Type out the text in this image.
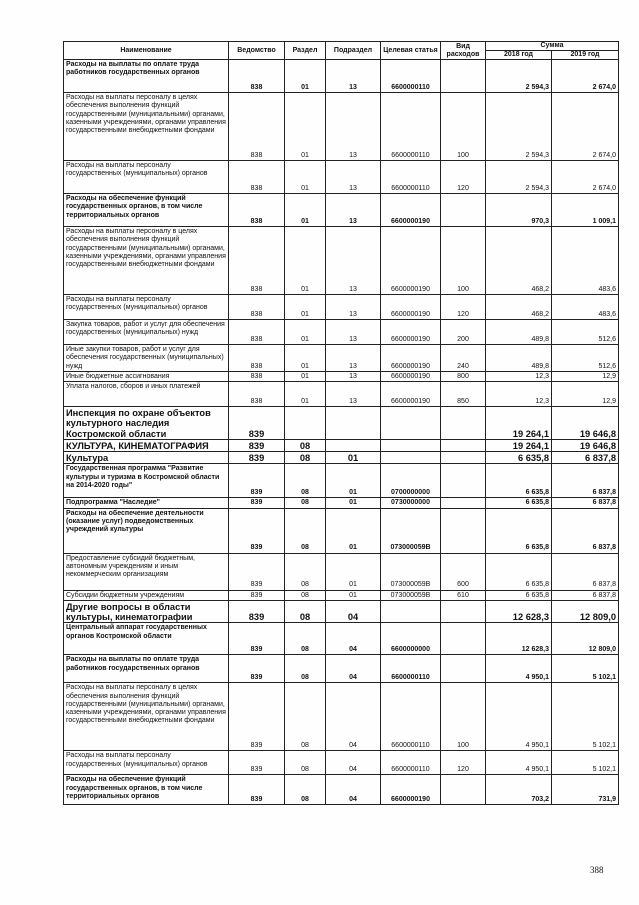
Наименование	Ведомство	Раздел	Подраздел	Целевая статья	Вид расходов	Сумма	
						2018 год	2019 год
Расходы на выплаты по оплате труда работников государственных органов	838	01	13	6600000110		2 594,3	2 674,0
Расходы на выплаты персоналу в целях обеспечения выполнения функций государственными (муниципальными) органами, казенными учреждениями, органами управления государственными внебюджетными фондами	838	01	13	6600000110	100	2 594,3	2 674,0
Расходы на выплаты персоналу государственных (муниципальных) органов	838	01	13	6600000110	120	2 594,3	2 674,0
Расходы на обеспечение функций государственных органов, в том числе территориальных органов	838	01	13	6600000190		970,3	1 009,1
Расходы на выплаты персоналу в целях обеспечения выполнения функций государственными (муниципальными) органами, казенными учреждениями, органами управления государственными внебюджетными фондами	838	01	13	6600000190	100	468,2	483,6
Расходы на выплаты персоналу государственных (муниципальных) органов	838	01	13	6600000190	120	468,2	483,6
Закупка товаров, работ и услуг для обеспечения государственных (муниципальных) нужд	838	01	13	6600000190	200	489,8	512,6
Иные закупки товаров, работ и услуг для обеспечения государственных (муниципальных) нужд	838	01	13	6600000190	240	489,8	512,6
Иные бюджетные ассигнования	838	01	13	6600000190	800	12,3	12,9
Уплата налогов, сборов и иных платежей	838	01	13	6600000190	850	12,3	12,9
Инспекция по охране объектов культурного наследия Костромской области	839					19 264,1	19 646,8
КУЛЬТУРА, КИНЕМАТОГРАФИЯ	839	08				19 264,1	19 646,8
Культура	839	08	01			6 635,8	6 837,8
Государственная программа "Развитие культуры и туризма в Костромской области на 2014-2020 годы"	839	08	01	0700000000		6 635,8	6 837,8
Подпрограмма "Наследие"	839	08	01	0730000000		6 635,8	6 837,8
Расходы на обеспечение деятельности (оказание услуг) подведомственных учреждений культуры	839	08	01	073000059В		6 635,8	6 837,8
Предоставление субсидий бюджетным, автономным учреждениям и иным некоммерческим организациям	839	08	01	073000059В	600	6 635,8	6 837,8
Субсидии бюджетным учреждениям	839	08	01	073000059В	610	6 635,8	6 837,8
Другие вопросы в области культуры, кинематографии	839	08	04			12 628,3	12 809,0
Центральный аппарат государственных органов Костромской области	839	08	04	6600000000		12 628,3	12 809,0
Расходы на выплаты по оплате труда работников государственных органов	839	08	04	6600000110		4 950,1	5 102,1
Расходы на выплаты персоналу в целях обеспечения выполнения функций государственными (муниципальными) органами, казенными учреждениями, органами управления государственными внебюджетными фондами	839	08	04	6600000110	100	4 950,1	5 102,1
Расходы на выплаты персоналу государственных (муниципальных) органов	839	08	04	6600000110	120	4 950,1	5 102,1
Расходы на обеспечение функций государственных органов, в том числе территориальных органов	839	08	04	6600000190		703,2	731,9
388
